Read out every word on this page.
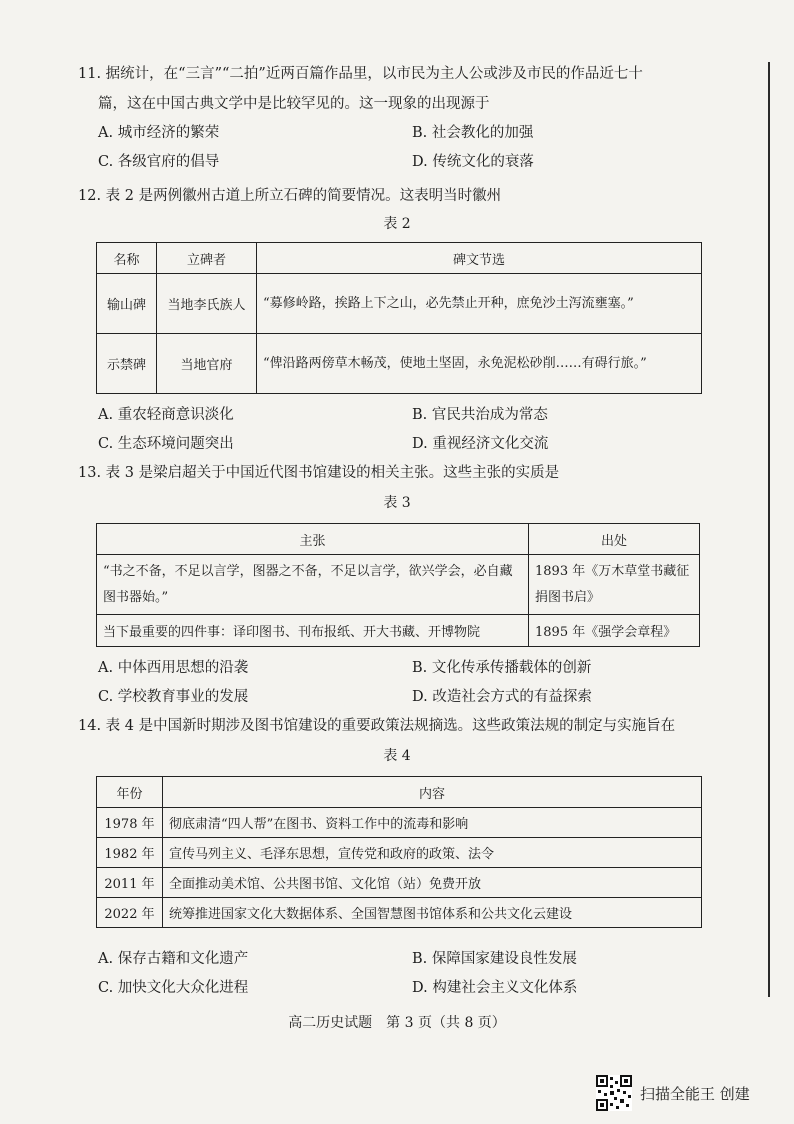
11. 据统计，在“三言”“二拍”近两百篇作品里，以市民为主人公或涉及市民的作品近七十
篇，这在中国古典文学中是比较罕见的。这一现象的出现源于
A. 城市经济的繁荣	B. 社会教化的加强
C. 各级官府的倡导	D. 传统文化的衰落
12. 表 2 是两例徽州古道上所立石碑的简要情况。这表明当时徽州
表 2
名称	立碑者	碑文节选
输山碑	当地李氏族人	“募修岭路，挨路上下之山，必先禁止开种，庶免沙土泻流壅塞。”
示禁碑	当地官府	“俾沿路两傍草木畅茂，使地土坚固，永免泥松砂削……有碍行旅。”
A. 重农轻商意识淡化	B. 官民共治成为常态
C. 生态环境问题突出	D. 重视经济文化交流
13. 表 3 是梁启超关于中国近代图书馆建设的相关主张。这些主张的实质是
表 3
主张	出处
“书之不备，不足以言学，图器之不备，不足以言学，欲兴学会，必自藏图书器始。”	1893 年《万木草堂书藏征捐图书启》
当下最重要的四件事：译印图书、刊布报纸、开大书藏、开博物院	1895 年《强学会章程》
A. 中体西用思想的沿袭	B. 文化传承传播载体的创新
C. 学校教育事业的发展	D. 改造社会方式的有益探索
14. 表 4 是中国新时期涉及图书馆建设的重要政策法规摘选。这些政策法规的制定与实施旨在
表 4
年份	内容
1978 年	彻底肃清“四人帮”在图书、资料工作中的流毒和影响
1982 年	宣传马列主义、毛泽东思想，宣传党和政府的政策、法令
2011 年	全面推动美术馆、公共图书馆、文化馆（站）免费开放
2022 年	统筹推进国家文化大数据体系、全国智慧图书馆体系和公共文化云建设
A. 保存古籍和文化遗产	B. 保障国家建设良性发展
C. 加快文化大众化进程	D. 构建社会主义文化体系
高二历史试题　第 3 页（共 8 页）
扫描全能王 创建
